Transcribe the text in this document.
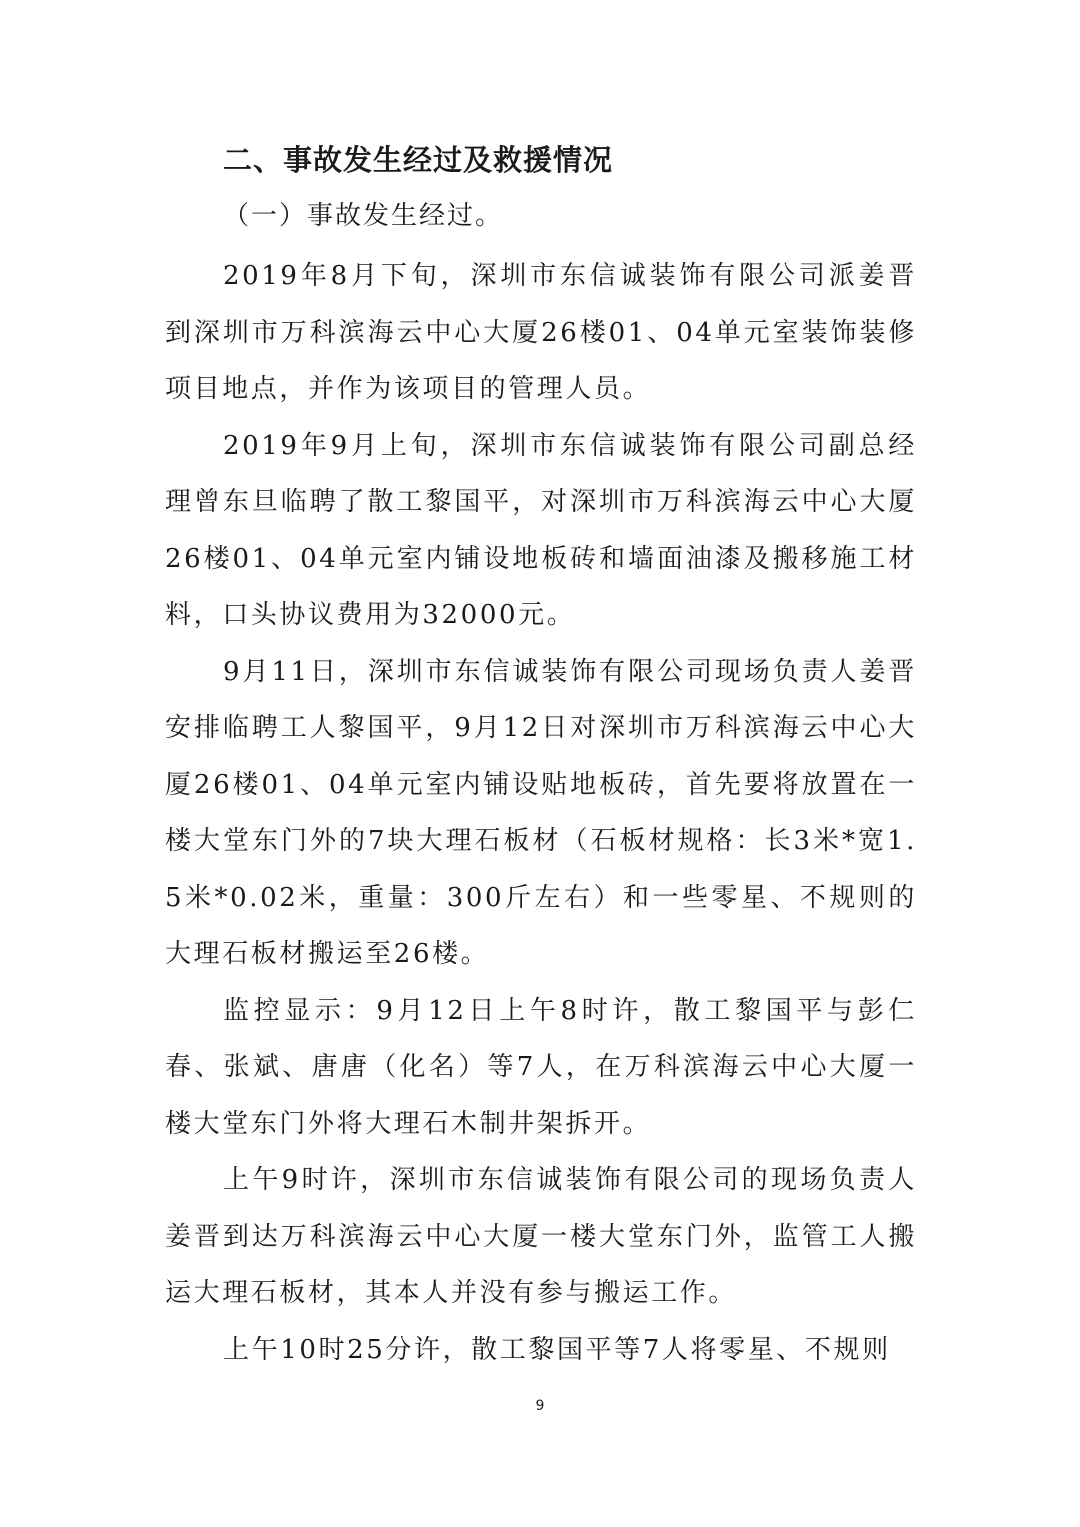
二、事故发生经过及救援情况

（一）事故发生经过。

2019年8月下旬，深圳市东信诚装饰有限公司派姜晋到深圳市万科滨海云中心大厦26楼01、04单元室装饰装修项目地点，并作为该项目的管理人员。

2019年9月上旬，深圳市东信诚装饰有限公司副总经理曾东旦临聘了散工黎国平，对深圳市万科滨海云中心大厦26楼01、04单元室内铺设地板砖和墙面油漆及搬移施工材料，口头协议费用为32000元。

9月11日，深圳市东信诚装饰有限公司现场负责人姜晋安排临聘工人黎国平，9月12日对深圳市万科滨海云中心大厦26楼01、04单元室内铺设贴地板砖，首先要将放置在一楼大堂东门外的7块大理石板材（石板材规格：长3米*宽1.5米*0.02米，重量：300斤左右）和一些零星、不规则的大理石板材搬运至26楼。

监控显示：9月12日上午8时许，散工黎国平与彭仁春、张斌、唐唐（化名）等7人，在万科滨海云中心大厦一楼大堂东门外将大理石木制井架拆开。

上午9时许，深圳市东信诚装饰有限公司的现场负责人姜晋到达万科滨海云中心大厦一楼大堂东门外，监管工人搬运大理石板材，其本人并没有参与搬运工作。

上午10时25分许，散工黎国平等7人将零星、不规则

9
